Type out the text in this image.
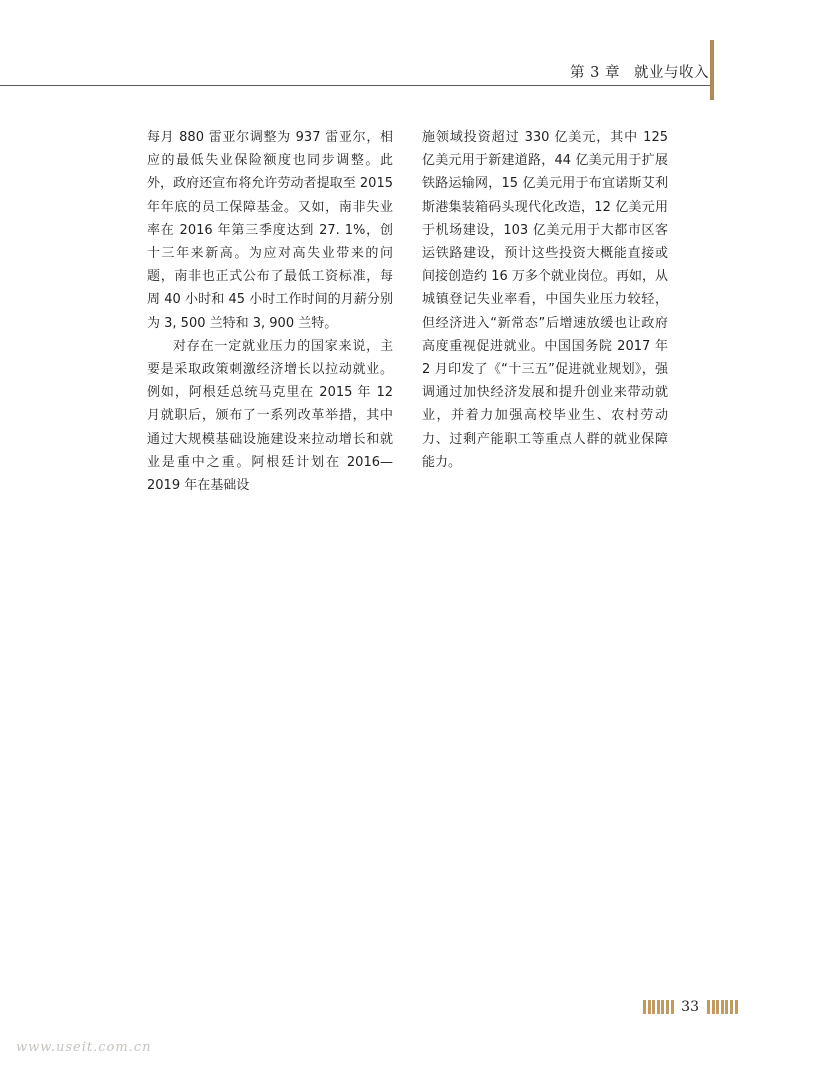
第 3 章 就业与收入

每月 880 雷亚尔调整为 937 雷亚尔，相应的最低失业保险额度也同步调整。此外，政府还宣布将允许劳动者提取至 2015 年年底的员工保障基金。又如，南非失业率在 2016 年第三季度达到 27. 1%，创十三年来新高。为应对高失业带来的问题，南非也正式公布了最低工资标准，每周 40 小时和 45 小时工作时间的月薪分别为 3, 500 兰特和 3, 900 兰特。

对存在一定就业压力的国家来说，主要是采取政策刺激经济增长以拉动就业。例如，阿根廷总统马克里在 2015 年 12 月就职后，颁布了一系列改革举措，其中通过大规模基础设施建设来拉动增长和就业是重中之重。阿根廷计划在 2016—2019 年在基础设

施领域投资超过 330 亿美元，其中 125 亿美元用于新建道路，44 亿美元用于扩展铁路运输网，15 亿美元用于布宜诺斯艾利斯港集装箱码头现代化改造，12 亿美元用于机场建设，103 亿美元用于大都市区客运铁路建设，预计这些投资大概能直接或间接创造约 16 万多个就业岗位。再如，从城镇登记失业率看，中国失业压力较轻，但经济进入“新常态”后增速放缓也让政府高度重视促进就业。中国国务院 2017 年 2 月印发了《“十三五”促进就业规划》，强调通过加快经济发展和提升创业来带动就业，并着力加强高校毕业生、农村劳动力、过剩产能职工等重点人群的就业保障能力。

33
www.useit.com.cn
